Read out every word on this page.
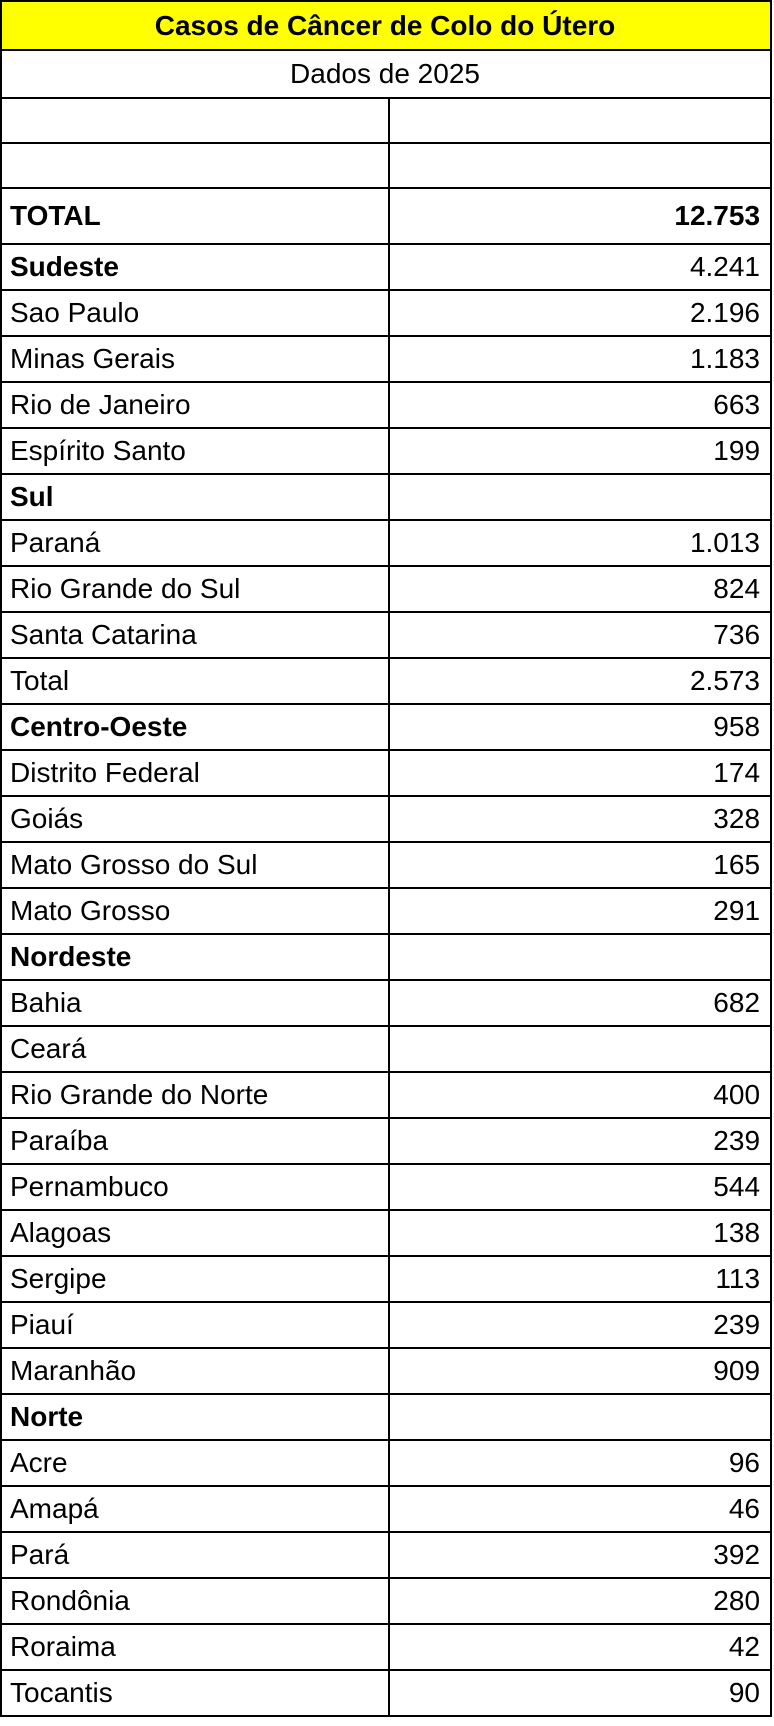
Casos de Câncer de Colo do Útero	
Dados de 2025	

TOTAL	12.753
Sudeste	4.241
Sao Paulo	2.196
Minas Gerais	1.183
Rio de Janeiro	663
Espírito Santo	199
Sul	
Paraná	1.013
Rio Grande do Sul	824
Santa Catarina	736
Total	2.573
Centro-Oeste	958
Distrito Federal	174
Goiás	328
Mato Grosso do Sul	165
Mato Grosso	291
Nordeste	
Bahia	682
Ceará	
Rio Grande do Norte	400
Paraíba	239
Pernambuco	544
Alagoas	138
Sergipe	113
Piauí	239
Maranhão	909
Norte	
Acre	96
Amapá	46
Pará	392
Rondônia	280
Roraima	42
Tocantis	90
